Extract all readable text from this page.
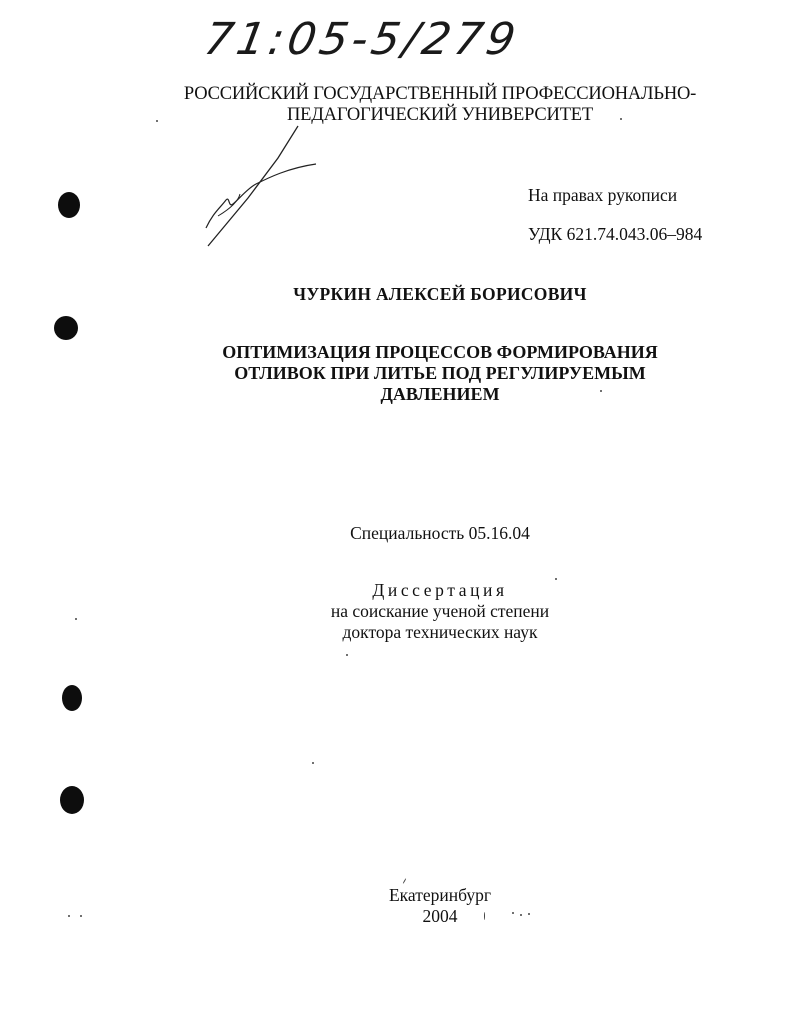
71:05-5/279
РОССИЙСКИЙ ГОСУДАРСТВЕННЫЙ ПРОФЕССИОНАЛЬНО-
ПЕДАГОГИЧЕСКИЙ УНИВЕРСИТЕТ
На правах рукописи
УДК 621.74.043.06–984
ЧУРКИН АЛЕКСЕЙ БОРИСОВИЧ
ОПТИМИЗАЦИЯ ПРОЦЕССОВ ФОРМИРОВАНИЯ
ОТЛИВОК ПРИ ЛИТЬЕ ПОД РЕГУЛИРУЕМЫМ
ДАВЛЕНИЕМ
Специальность 05.16.04
Диссертация
на соискание ученой степени
доктора технических наук
Екатеринбург
2004
